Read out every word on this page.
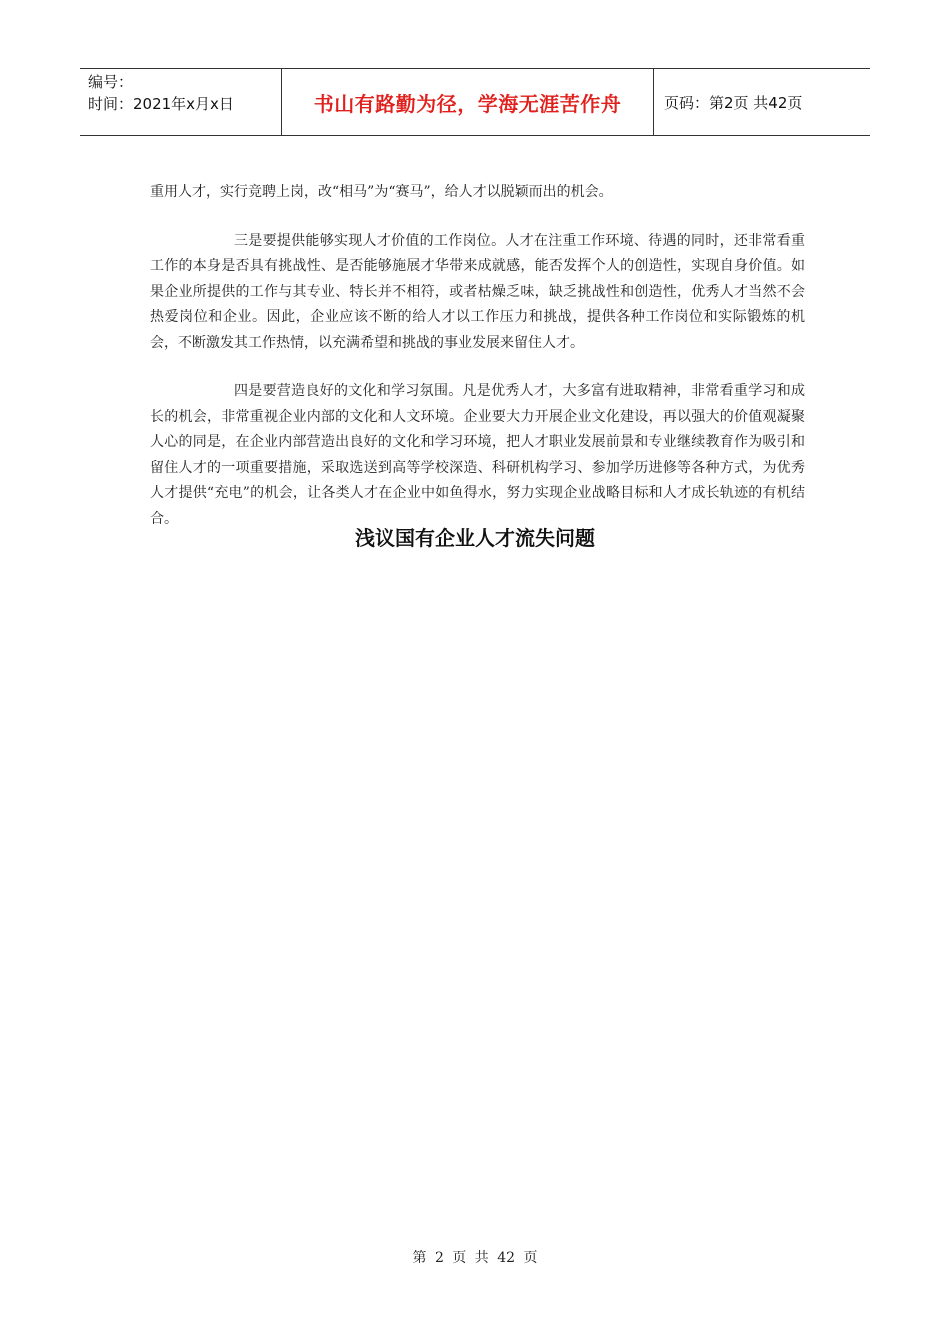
编号：
时间：2021年x月x日	书山有路勤为径，学海无涯苦作舟	页码：第2页 共42页

重用人才，实行竞聘上岗，改“相马”为“赛马”，给人才以脱颖而出的机会。

三是要提供能够实现人才价值的工作岗位。人才在注重工作环境、待遇的同时，还非常看重工作的本身是否具有挑战性、是否能够施展才华带来成就感，能否发挥个人的创造性，实现自身价值。如果企业所提供的工作与其专业、特长并不相符，或者枯燥乏味，缺乏挑战性和创造性，优秀人才当然不会热爱岗位和企业。因此，企业应该不断的给人才以工作压力和挑战，提供各种工作岗位和实际锻炼的机会，不断激发其工作热情，以充满希望和挑战的事业发展来留住人才。

四是要营造良好的文化和学习氛围。凡是优秀人才，大多富有进取精神，非常看重学习和成长的机会，非常重视企业内部的文化和人文环境。企业要大力开展企业文化建设，再以强大的价值观凝聚人心的同是，在企业内部营造出良好的文化和学习环境，把人才职业发展前景和专业继续教育作为吸引和留住人才的一项重要措施，采取选送到高等学校深造、科研机构学习、参加学历进修等各种方式，为优秀人才提供“充电”的机会，让各类人才在企业中如鱼得水，努力实现企业战略目标和人才成长轨迹的有机结合。

浅议国有企业人才流失问题
第 2 页 共 42 页
